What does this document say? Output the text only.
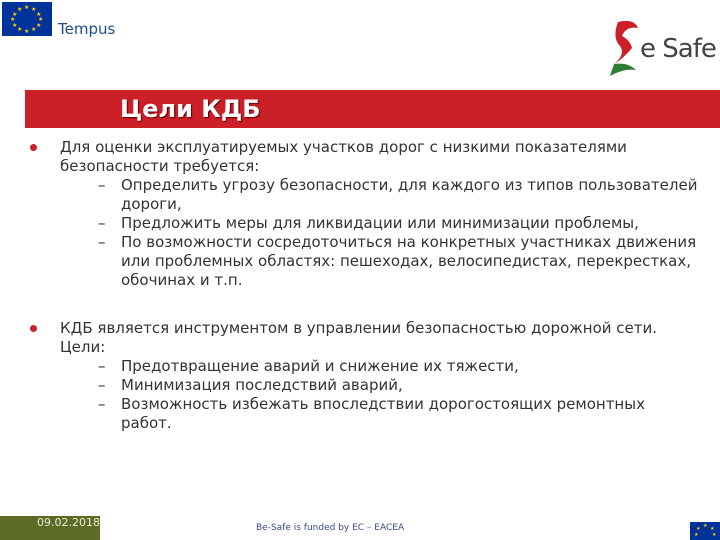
★ ★
★
★
★
★
★
★
★
★
★
★
Tempus
e Safe
Цели КДБ
Для оценки эксплуатируемых участков дорог с низкими показателями безопасности требуется:
– Определить угрозу безопасности, для каждого из типов пользователей дороги,
– Предложить меры для ликвидации или минимизации проблемы,
– По возможности сосредоточиться на конкретных участниках движения или проблемных областях: пешеходах, велосипедистах, перекрестках, обочинах и т.п.
КДБ является инструментом в управлении безопасностью дорожной сети. Цели:
– Предотвращение аварий и снижение их тяжести,
– Минимизация последствий аварий,
– Возможность избежать впоследствии дорогостоящих ремонтных работ.
09.02.2018	Be-Safe is funded by EC – EACEA	★ ★
★
★
★
5
